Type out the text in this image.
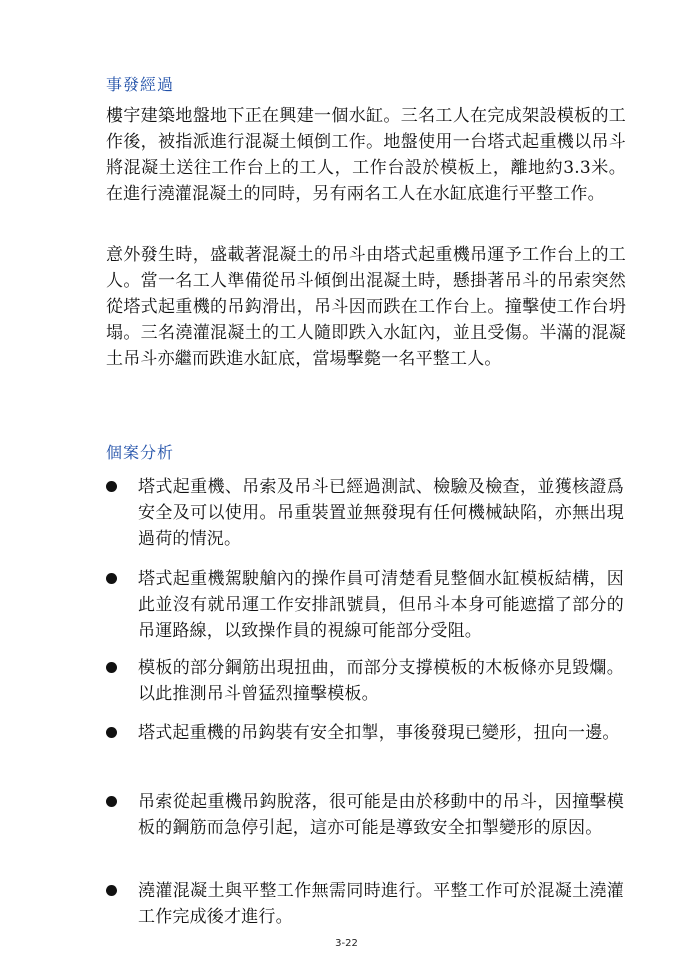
事發經過
樓宇建築地盤地下正在興建一個水缸。三名工人在完成架設模板的工作後，被指派進行混凝土傾倒工作。地盤使用一台塔式起重機以吊斗將混凝土送往工作台上的工人，工作台設於模板上，離地約3.3米。在進行澆灌混凝土的同時，另有兩名工人在水缸底進行平整工作。
意外發生時，盛載著混凝土的吊斗由塔式起重機吊運予工作台上的工人。當一名工人準備從吊斗傾倒出混凝土時，懸掛著吊斗的吊索突然從塔式起重機的吊鈎滑出，吊斗因而跌在工作台上。撞擊使工作台坍塌。三名澆灌混凝土的工人隨即跌入水缸內，並且受傷。半滿的混凝土吊斗亦繼而跌進水缸底，當場擊斃一名平整工人。
個案分析
塔式起重機、吊索及吊斗已經過測試、檢驗及檢查，並獲核證爲安全及可以使用。吊重裝置並無發現有任何機械缺陷，亦無出現過荷的情況。
塔式起重機駕駛艙內的操作員可清楚看見整個水缸模板結構，因此並沒有就吊運工作安排訊號員，但吊斗本身可能遮擋了部分的吊運路線，以致操作員的視線可能部分受阻。
模板的部分鋼筋出現扭曲，而部分支撐模板的木板條亦見毀爛。以此推測吊斗曾猛烈撞擊模板。
塔式起重機的吊鈎裝有安全扣掣，事後發現已變形，扭向一邊。
吊索從起重機吊鈎脫落，很可能是由於移動中的吊斗，因撞擊模板的鋼筋而急停引起，這亦可能是導致安全扣掣變形的原因。
澆灌混凝土與平整工作無需同時進行。平整工作可於混凝土澆灌工作完成後才進行。
3-22
